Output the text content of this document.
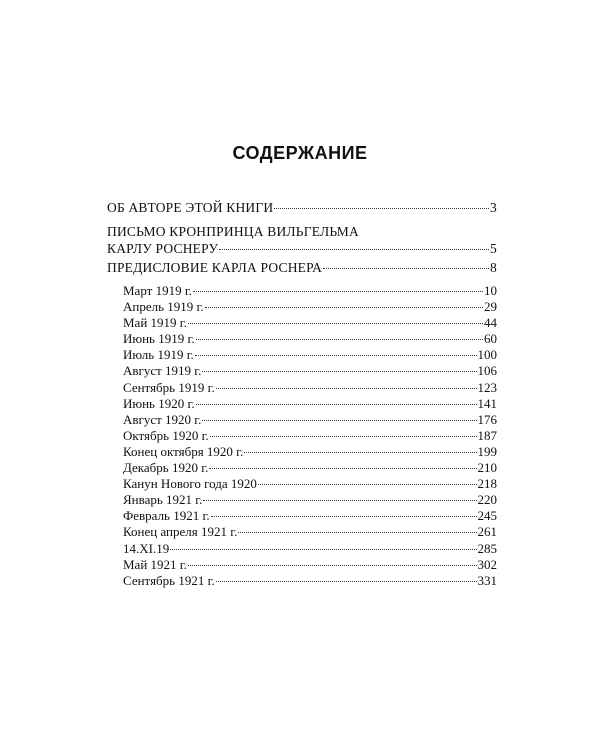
СОДЕРЖАНИЕ
ОБ АВТОРЕ ЭТОЙ КНИГИ	3
ПИСЬМО КРОНПРИНЦА ВИЛЬГЕЛЬМА
КАРЛУ РОСНЕРУ	5
ПРЕДИСЛОВИЕ КАРЛА РОСНЕРА	8
Март 1919 г.	10
Апрель 1919 г.	29
Май 1919 г.	44
Июнь 1919 г.	60
Июль 1919 г.	100
Август 1919 г.	106
Сентябрь 1919 г.	123
Июнь 1920 г.	141
Август 1920 г.	176
Октябрь 1920 г.	187
Конец октября 1920 г.	199
Декабрь 1920 г.	210
Канун Нового года 1920	218
Январь 1921 г.	220
Февраль 1921 г.	245
Конец апреля 1921 г.	261
14.XI.19	285
Май 1921 г.	302
Сентябрь 1921 г.	331
